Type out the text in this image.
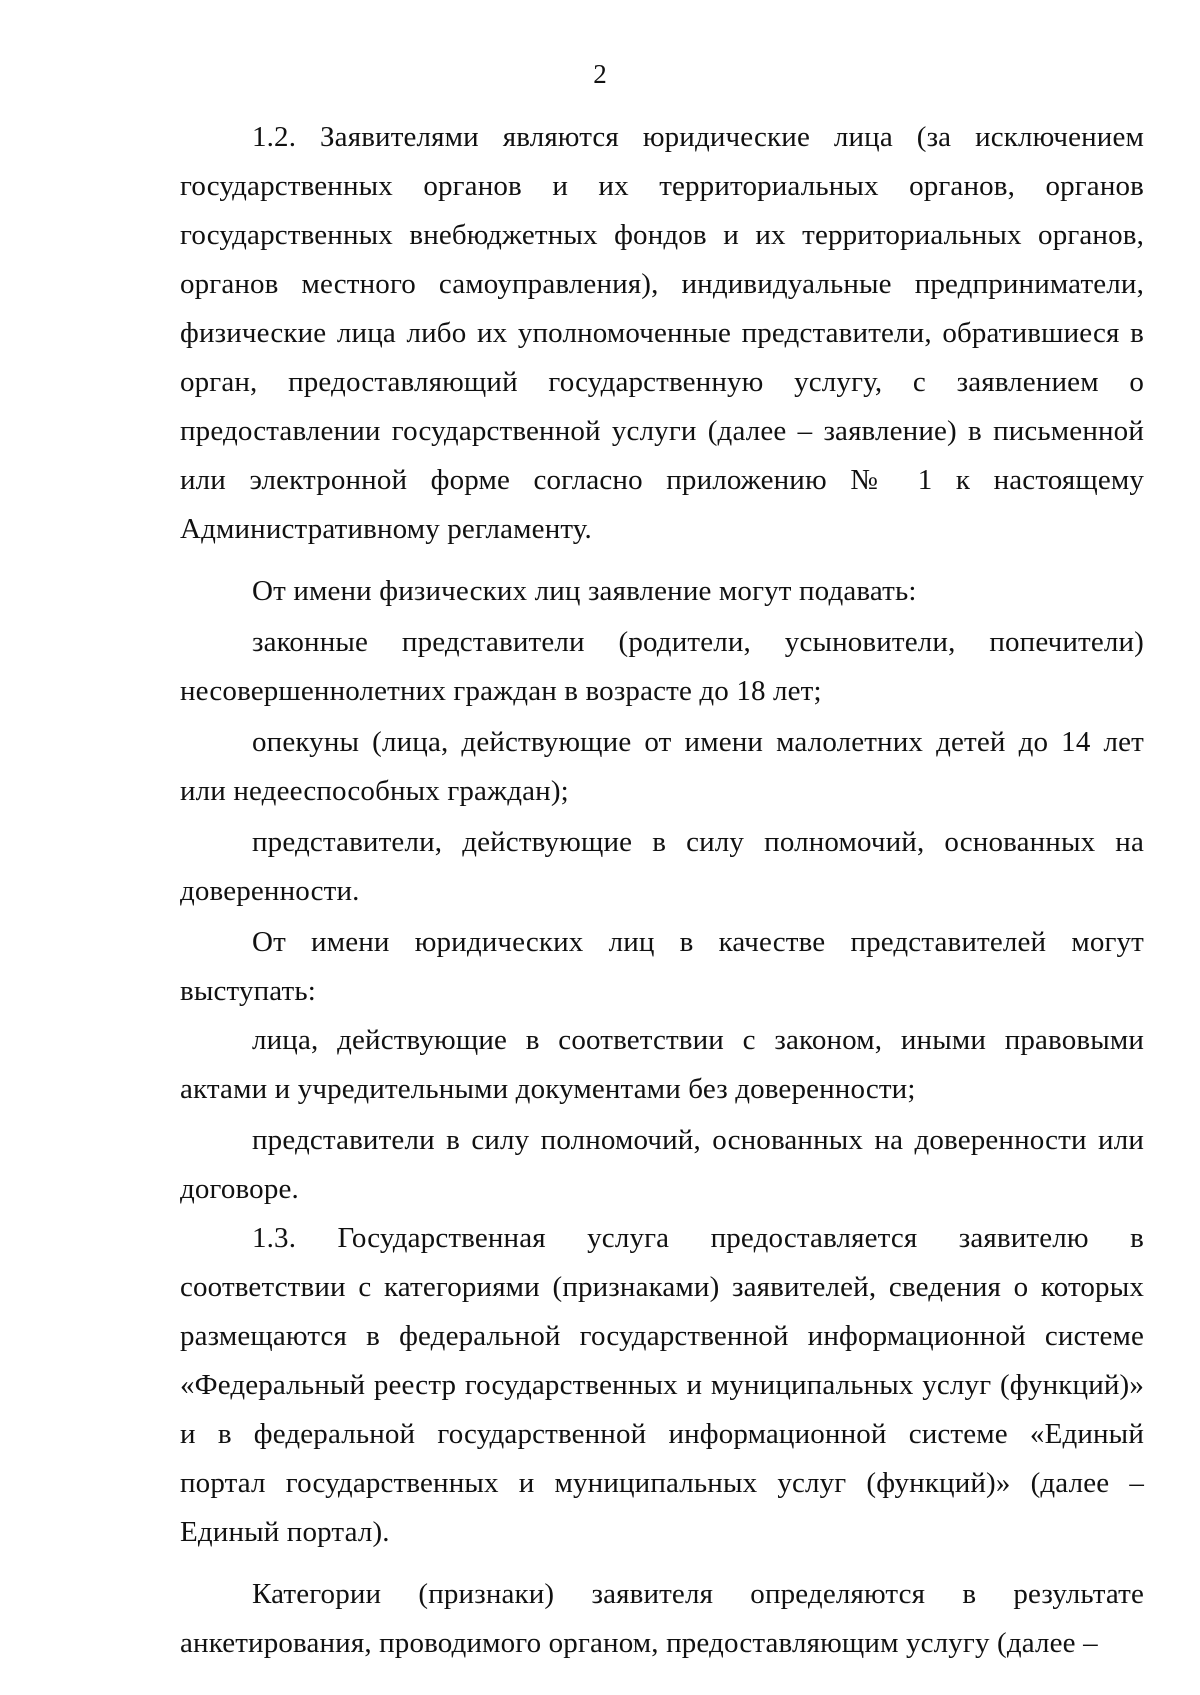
2

1.2. Заявителями являются юридические лица (за исключением государственных органов и их территориальных органов, органов государственных внебюджетных фондов и их территориальных органов, органов местного самоуправления), индивидуальные предприниматели, физические лица либо их уполномоченные представители, обратившиеся в орган, предоставляющий государственную услугу, с заявлением о предоставлении государственной услуги (далее – заявление) в письменной или электронной форме согласно приложению № 1 к настоящему Административному регламенту.

От имени физических лиц заявление могут подавать:

законные представители (родители, усыновители, попечители) несовершеннолетних граждан в возрасте до 18 лет;

опекуны (лица, действующие от имени малолетних детей до 14 лет или недееспособных граждан);

представители, действующие в силу полномочий, основанных на доверенности.

От имени юридических лиц в качестве представителей могут выступать:

лица, действующие в соответствии с законом, иными правовыми актами и учредительными документами без доверенности;

представители в силу полномочий, основанных на доверенности или договоре.

1.3. Государственная услуга предоставляется заявителю в соответствии с категориями (признаками) заявителей, сведения о которых размещаются в федеральной государственной информационной системе «Федеральный реестр государственных и муниципальных услуг (функций)» и в федеральной государственной информационной системе «Единый портал государственных и муниципальных услуг (функций)» (далее – Единый портал).

Категории (признаки) заявителя определяются в результате анкетирования, проводимого органом, предоставляющим услугу (далее –
